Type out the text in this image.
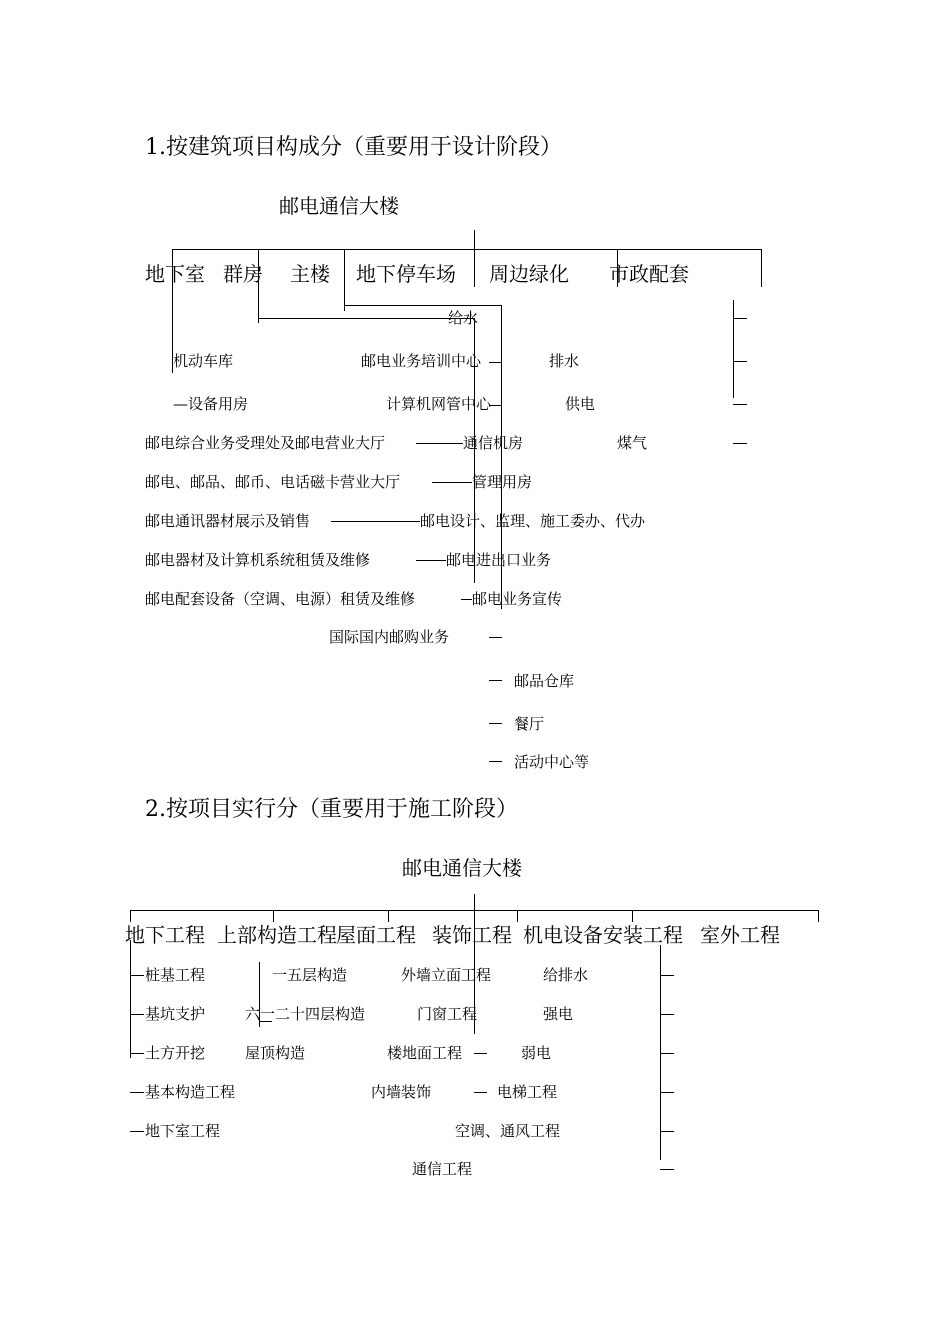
1.按建筑项目构成分（重要用于设计阶段）
邮电通信大楼
地下室 群房 主楼 地下停车场 周边绿化 市政配套
给水
机动车库	邮电业务培训中心	排水
—设备用房	计算机网管中心	供电
邮电综合业务受理处及邮电营业大厅	通信机房	煤气
邮电、邮品、邮币、电话磁卡营业大厅	管理用房
邮电通讯器材展示及销售	邮电设计、监理、施工委办、代办
邮电器材及计算机系统租赁及维修	邮电进出口业务
邮电配套设备（空调、电源）租赁及维修	邮电业务宣传
国际国内邮购业务
邮品仓库
餐厅
活动中心等
2.按项目实行分（重要用于施工阶段）
邮电通信大楼
地下工程 上部构造工程 屋面工程 装饰工程 机电设备安装工程 室外工程
桩基工程	一五层构造	外墙立面工程	给排水
基坑支护	六一二十四层构造	门窗工程	强电
土方开挖	屋顶构造	楼地面工程	弱电
基本构造工程	内墙装饰	电梯工程
地下室工程	空调、通风工程
通信工程
